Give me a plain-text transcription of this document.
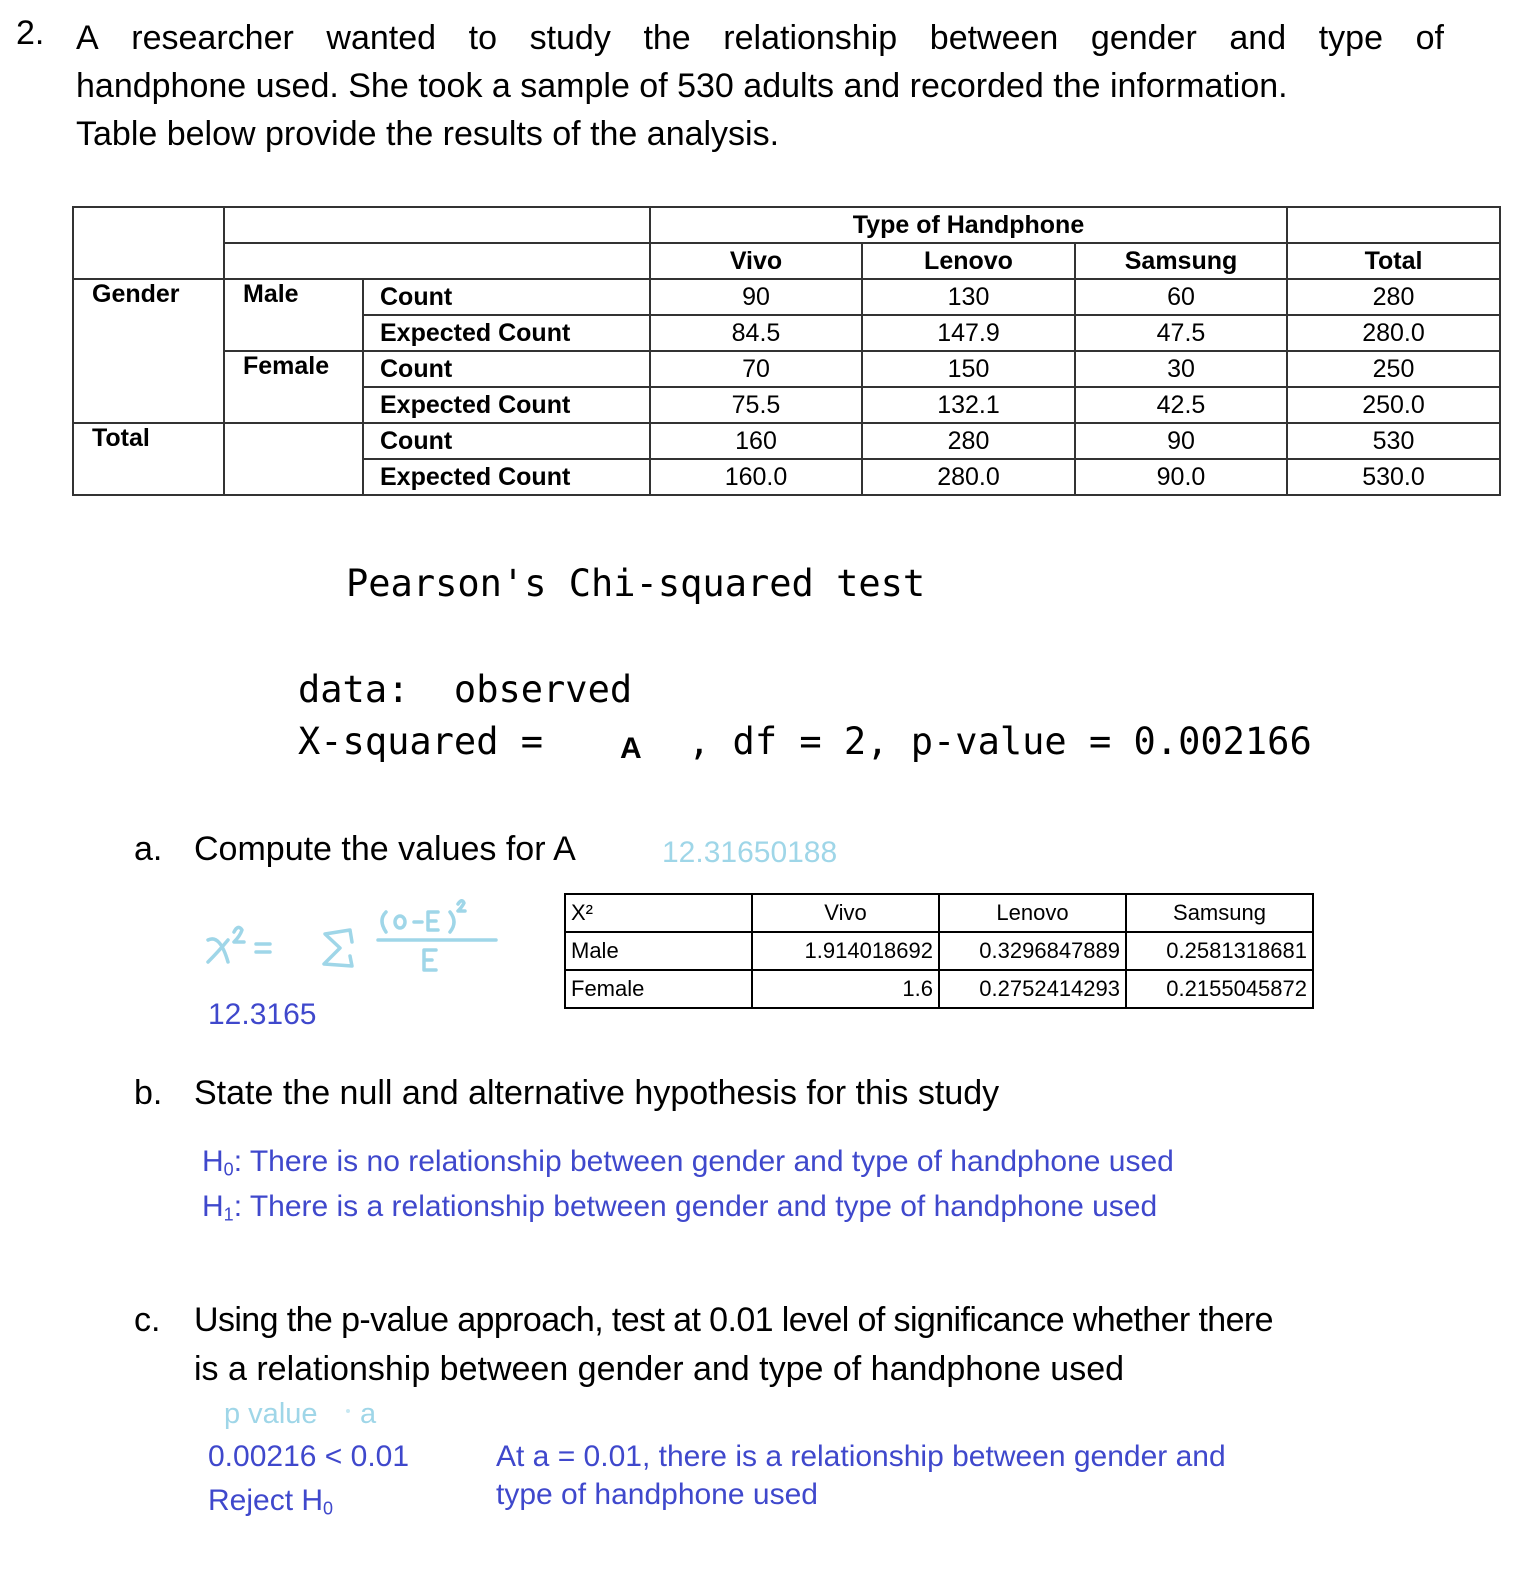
2. A researcher wanted to study the relationship between gender and type of
handphone used. She took a sample of 530 adults and recorded the information.
Table below provide the results of the analysis.
		Type of Handphone	
		Vivo	Lenovo	Samsung	Total
Gender	Male	Count	90	130	60	280
Expected Count	84.5	147.9	47.5	280.0
Female	Count	70	150	30	250
Expected Count	75.5	132.1	42.5	250.0
Total		Count	160	280	90	530
Expected Count	160.0	280.0	90.0	530.0
Pearson's Chi-squared test
data:  observed
X-squared = A , df = 2, p-value = 0.002166
a. Compute the values for A	12.31650188
12.3165
X²	Vivo	Lenovo	Samsung
Male	1.914018692	0.3296847889	0.2581318681
Female	1.6	0.2752414293	0.2155045872
b. State the null and alternative hypothesis for this study
$H_0$: There is no relationship between gender and type of handphone used
$H_1$: There is a relationship between gender and type of handphone used
c. Using the p-value approach, test at 0.01 level of significance whether there
is a relationship between gender and type of handphone used
p value a
0.00216 < 0.01
Reject $H_0$
At a = 0.01, there is a relationship between gender and
type of handphone used
